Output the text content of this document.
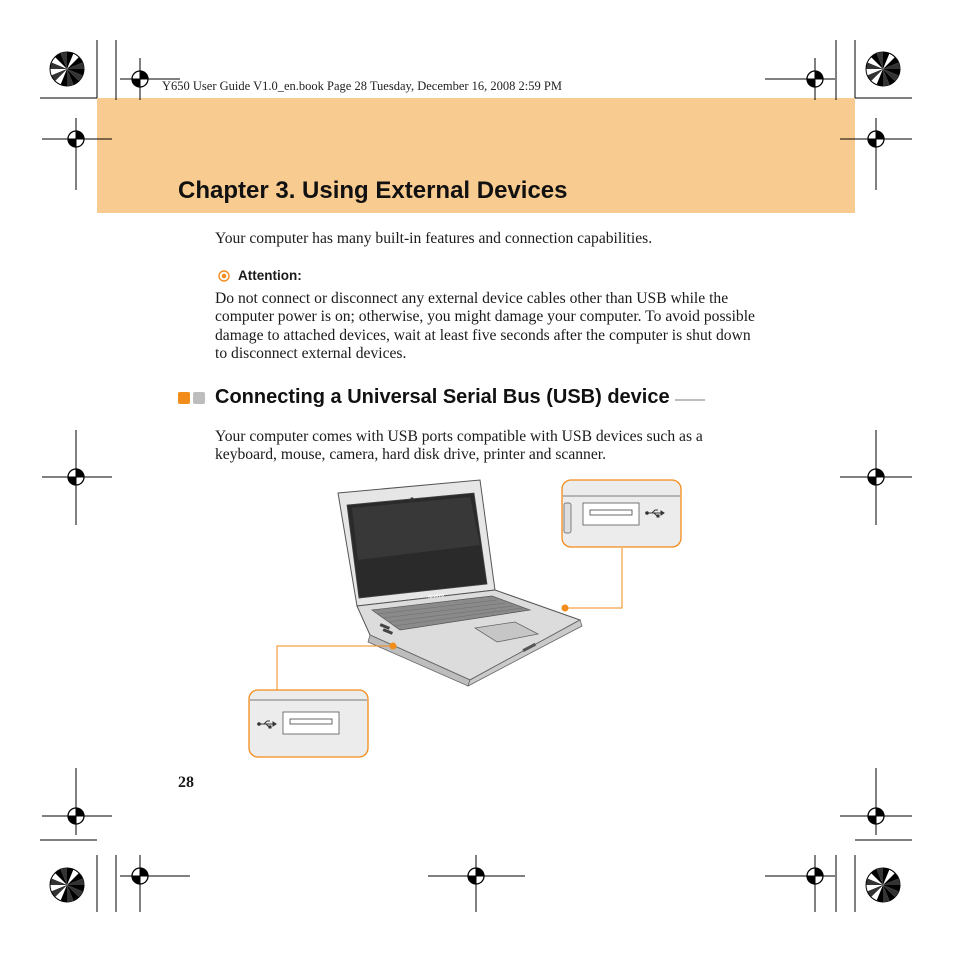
Y650 User Guide V1.0_en.book Page 28 Tuesday, December 16, 2008 2:59 PM
Chapter 3. Using External Devices

Your computer has many built-in features and connection capabilities.

Attention:

Do not connect or disconnect any external device cables other than USB while the computer power is on; otherwise, you might damage your computer. To avoid possible damage to attached devices, wait at least five seconds after the computer is shut down to disconnect external devices.

Connecting a Universal Serial Bus (USB) device

Your computer comes with USB ports compatible with USB devices such as a keyboard, mouse, camera, hard disk drive, printer and scanner.

lenovo
28
